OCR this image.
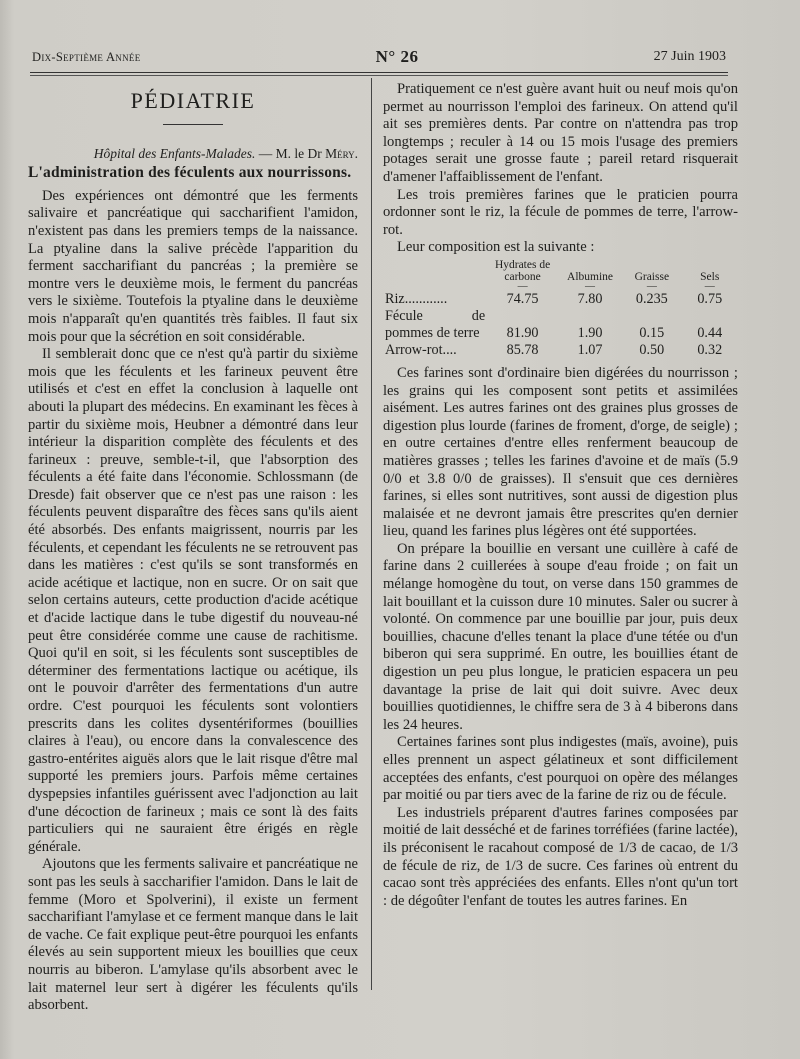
Dix-Septième Année	N° 26	27 Juin 1903
PÉDIATRIE
Hôpital des Enfants-Malades. — M. le Dr Méry.
L'administration des féculents aux nourrissons.

Des expériences ont démontré que les ferments salivaire et pancréatique qui saccharifient l'amidon, n'existent pas dans les premiers temps de la naissance. La ptyaline dans la salive précède l'apparition du ferment saccharifiant du pancréas ; la première se montre vers le deuxième mois, le ferment du pancréas vers le sixième. Toutefois la ptyaline dans le deuxième mois n'apparaît qu'en quantités très faibles. Il faut six mois pour que la sécrétion en soit considérable.

Il semblerait donc que ce n'est qu'à partir du sixième mois que les féculents et les farineux peuvent être utilisés et c'est en effet la conclusion à laquelle ont abouti la plupart des médecins. En examinant les fèces à partir du sixième mois, Heubner a démontré dans leur intérieur la disparition complète des féculents et des farineux : preuve, semble-t-il, que l'absorption des féculents a été faite dans l'économie. Schlossmann (de Dresde) fait observer que ce n'est pas une raison : les féculents peuvent disparaître des fèces sans qu'ils aient été absorbés. Des enfants maigrissent, nourris par les féculents, et cependant les féculents ne se retrouvent pas dans les matières : c'est qu'ils se sont transformés en acide acétique et lactique, non en sucre. Or on sait que selon certains auteurs, cette production d'acide acétique et d'acide lactique dans le tube digestif du nouveau-né peut être considérée comme une cause de rachitisme. Quoi qu'il en soit, si les féculents sont susceptibles de déterminer des fermentations lactique ou acétique, ils ont le pouvoir d'arrêter des fermentations d'un autre ordre. C'est pourquoi les féculents sont volontiers prescrits dans les colites dysentériformes (bouillies claires à l'eau), ou encore dans la convalescence des gastro-entérites aiguës alors que le lait risque d'être mal supporté les premiers jours. Parfois même certaines dyspepsies infantiles guérissent avec l'adjonction au lait d'une décoction de farineux ; mais ce sont là des faits particuliers qui ne sauraient être érigés en règle générale.

Ajoutons que les ferments salivaire et pancréatique ne sont pas les seuls à saccharifier l'amidon. Dans le lait de femme (Moro et Spolverini), il existe un ferment saccharifiant l'amylase et ce ferment manque dans le lait de vache. Ce fait explique peut-être pourquoi les enfants élevés au sein supportent mieux les bouillies que ceux nourris au biberon. L'amylase qu'ils absorbent avec le lait maternel leur sert à digérer les féculents qu'ils absorbent.

Pratiquement ce n'est guère avant huit ou neuf mois qu'on permet au nourrisson l'emploi des farineux. On attend qu'il ait ses premières dents. Par contre on n'attendra pas trop longtemps ; reculer à 14 ou 15 mois l'usage des premiers potages serait une grosse faute ; pareil retard risquerait d'amener l'affaiblissement de l'enfant.

Les trois premières farines que le praticien pourra ordonner sont le riz, la fécule de pommes de terre, l'arrow-rot.

Leur composition est la suivante :

	Hydrates de carbone	Albumine	Graisse	Sels
	—	—	—	—
Riz............	74.75	7.80	0.235	0.75
Fécule de pommes de terre	81.90	1.90	0.15	0.44
Arrow-rot....	85.78	1.07	0.50	0.32

Ces farines sont d'ordinaire bien digérées du nourrisson ; les grains qui les composent sont petits et assimilées aisément. Les autres farines ont des graines plus grosses de digestion plus lourde (farines de froment, d'orge, de seigle) ; en outre certaines d'entre elles renferment beaucoup de matières grasses ; telles les farines d'avoine et de maïs (5.9 0/0 et 3.8 0/0 de graisses). Il s'ensuit que ces dernières farines, si elles sont nutritives, sont aussi de digestion plus malaisée et ne devront jamais être prescrites qu'en dernier lieu, quand les farines plus légères ont été supportées.

On prépare la bouillie en versant une cuillère à café de farine dans 2 cuillerées à soupe d'eau froide ; on fait un mélange homogène du tout, on verse dans 150 grammes de lait bouillant et la cuisson dure 10 minutes. Saler ou sucrer à volonté. On commence par une bouillie par jour, puis deux bouillies, chacune d'elles tenant la place d'une tétée ou d'un biberon qui sera supprimé. En outre, les bouillies étant de digestion un peu plus longue, le praticien espacera un peu davantage la prise de lait qui doit suivre. Avec deux bouillies quotidiennes, le chiffre sera de 3 à 4 biberons dans les 24 heures.

Certaines farines sont plus indigestes (maïs, avoine), puis elles prennent un aspect gélatineux et sont difficilement acceptées des enfants, c'est pourquoi on opère des mélanges par moitié ou par tiers avec de la farine de riz ou de fécule.

Les industriels préparent d'autres farines composées par moitié de lait desséché et de farines torréfiées (farine lactée), ils préconisent le racahout composé de 1/3 de cacao, de 1/3 de fécule de riz, de 1/3 de sucre. Ces farines où entrent du cacao sont très appréciées des enfants. Elles n'ont qu'un tort : de dégoûter l'enfant de toutes les autres farines. En
